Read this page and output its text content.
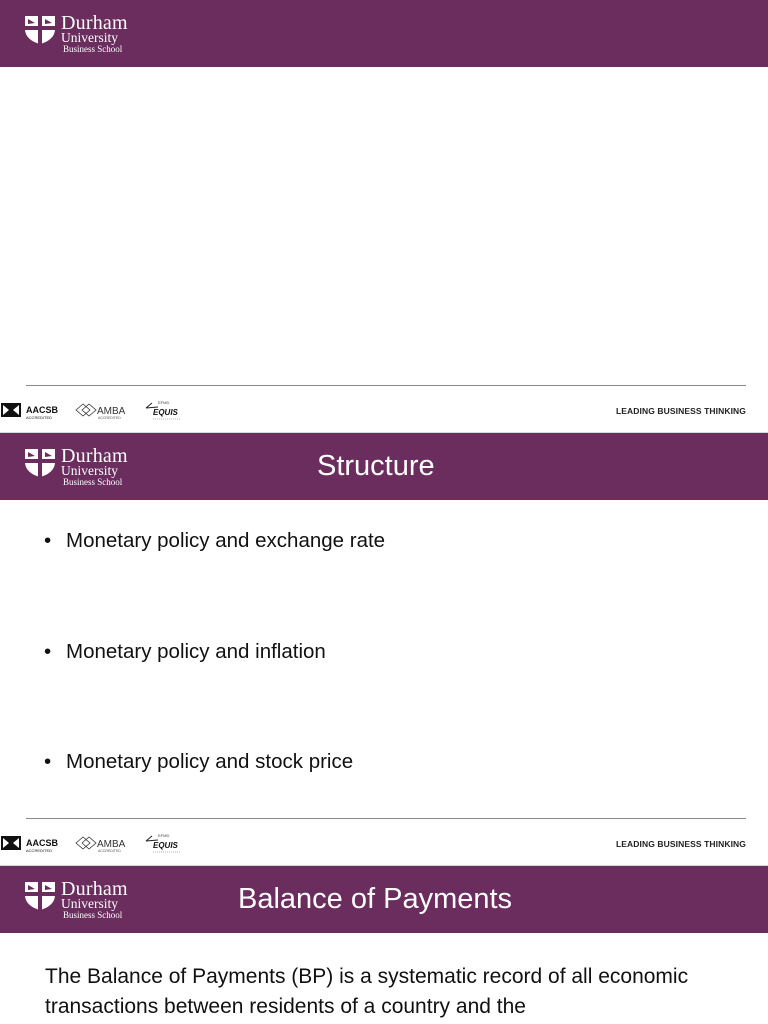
Durham
University
Business School
AACSB
ACCREDITED
AMBA
ACCREDITED
EFMD
EQUIS	LEADING BUSINESS THINKING
Durham
University
Business School	Structure
• Monetary policy and exchange rate
• Monetary policy and inflation
• Monetary policy and stock price
AACSB
ACCREDITED
AMBA
ACCREDITED
EFMD
EQUIS	LEADING BUSINESS THINKING
Durham
University
Business School	Balance of Payments

The Balance of Payments (BP) is a systematic record of all economic transactions between residents of a country and the
